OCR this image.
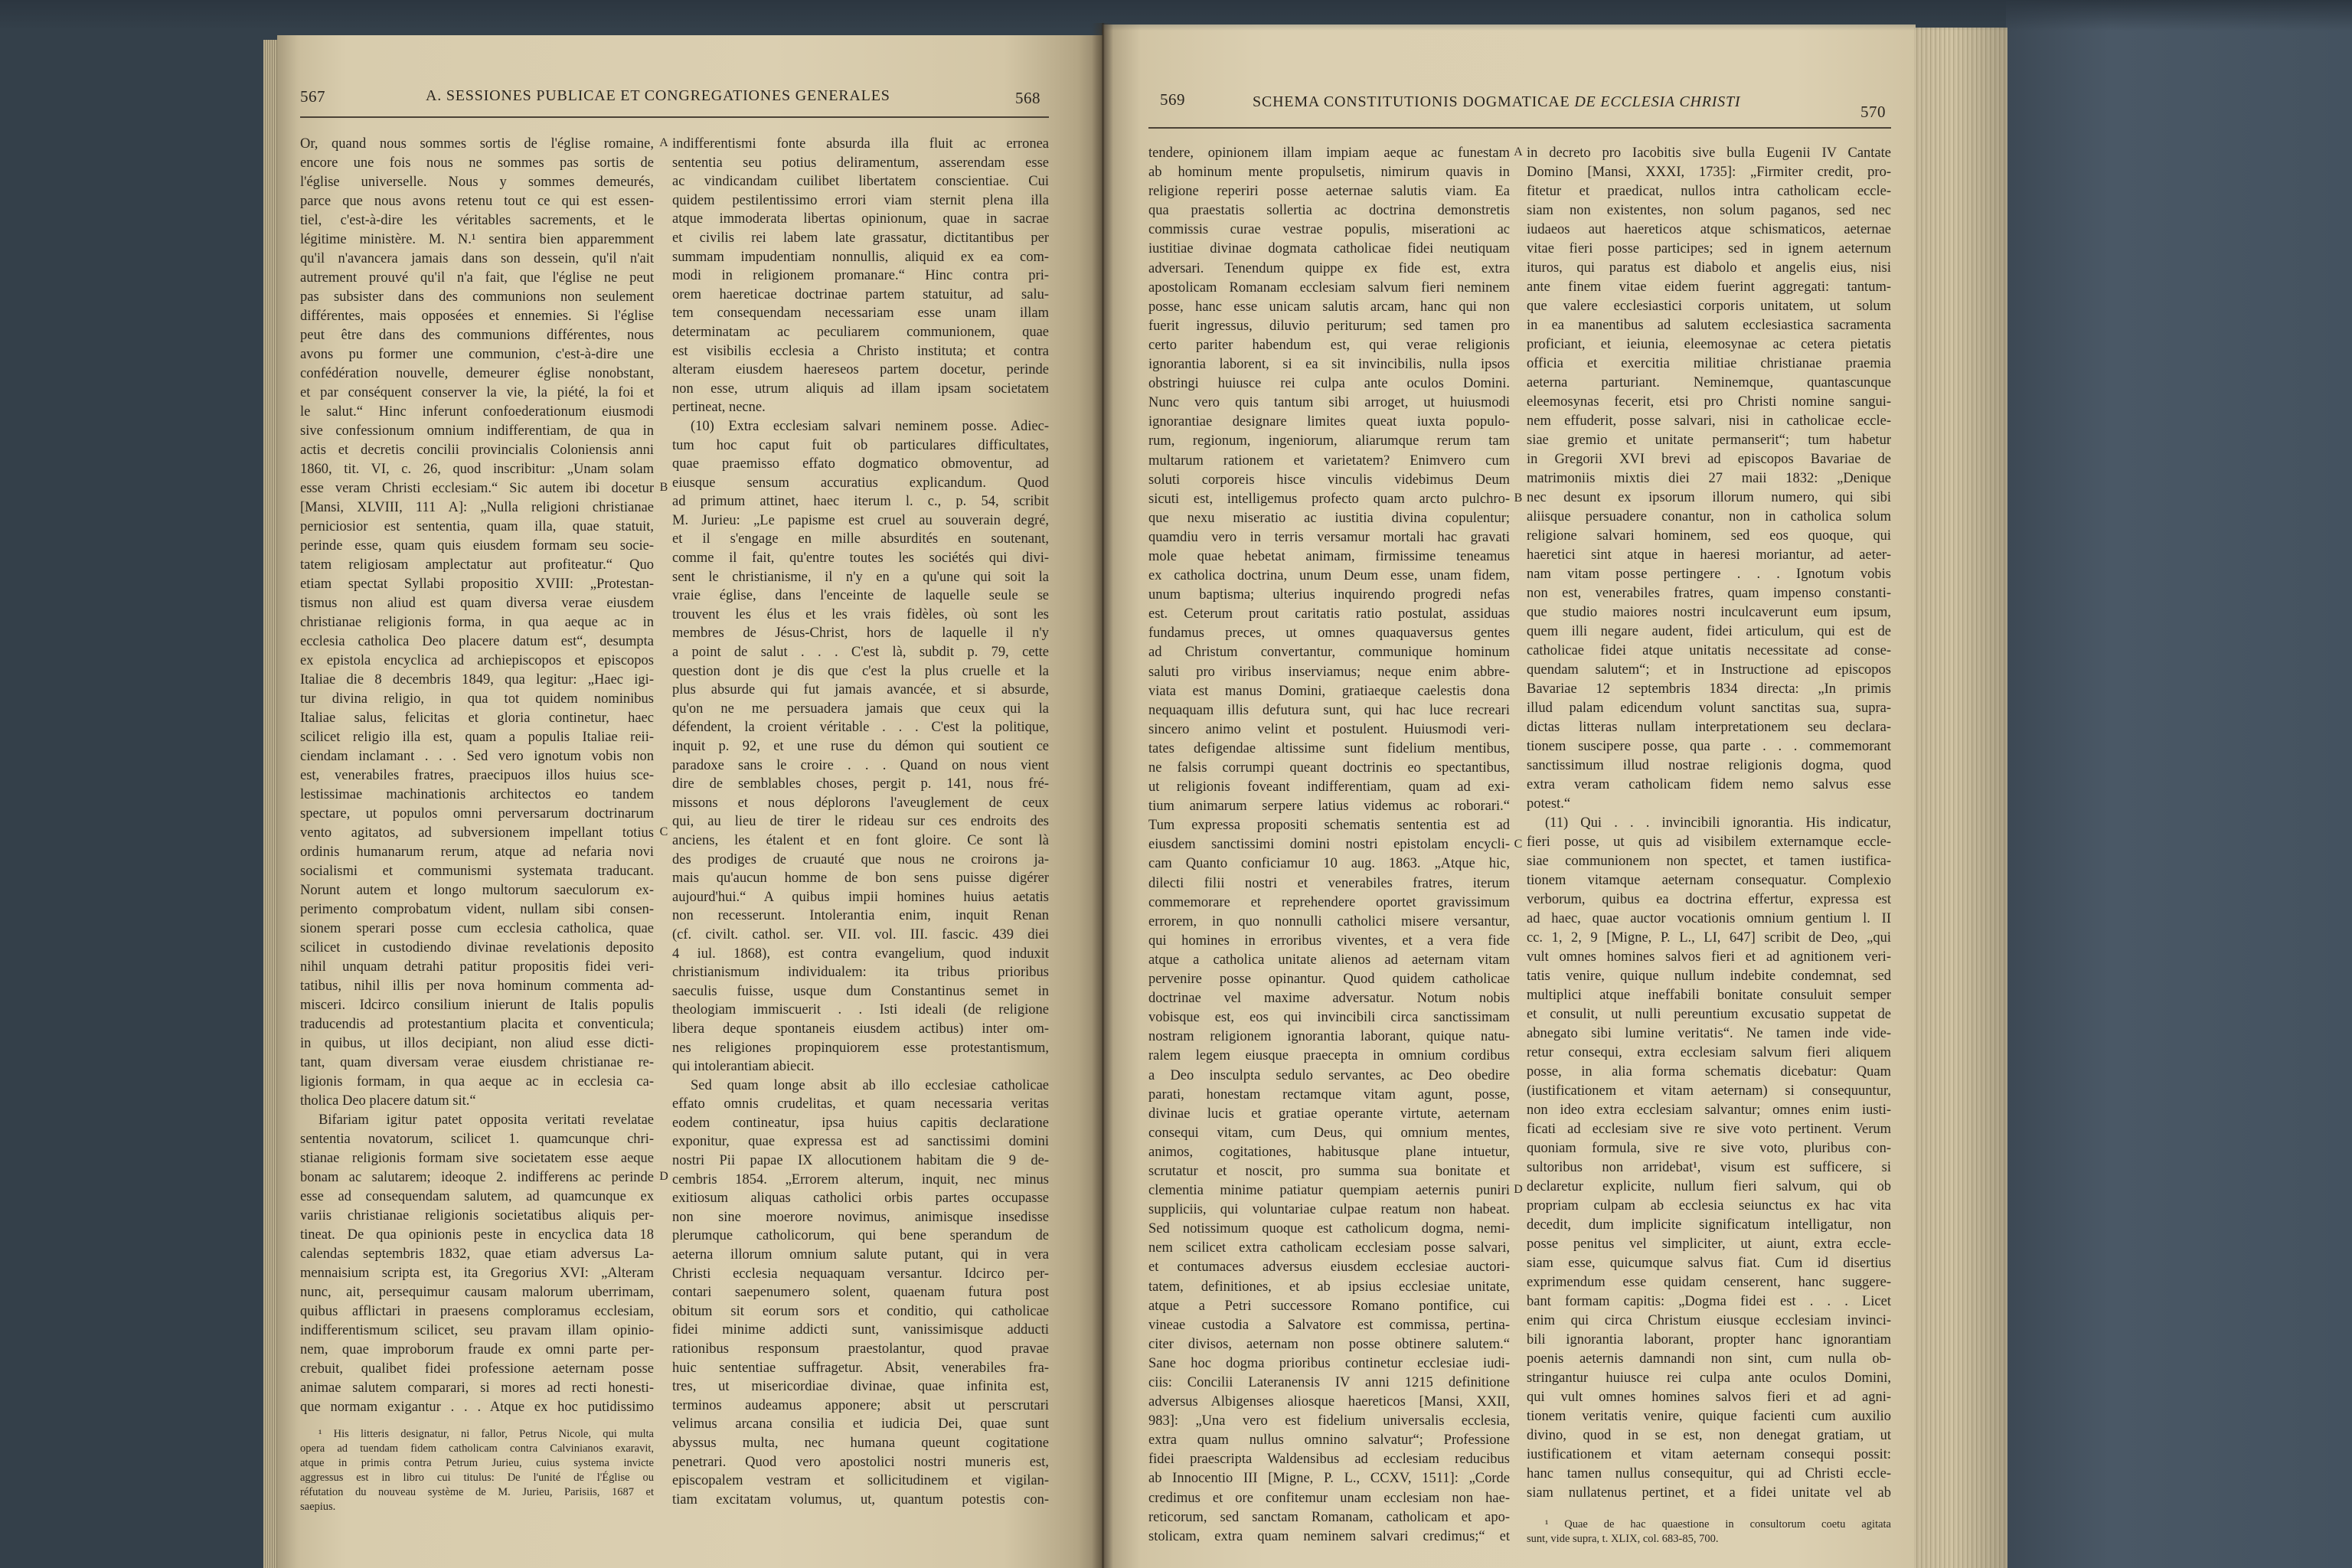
567	A. SESSIONES PUBLICAE ET CONGREGATIONES GENERALES	568
Or, quand nous sommes sortis de l'église romaine,
encore une fois nous ne sommes pas sortis de
l'église universelle. Nous y sommes demeurés,
parce que nous avons retenu tout ce qui est essen-
tiel, c'est-à-dire les véritables sacrements, et le
légitime ministère. M. N.¹ sentira bien apparemment
qu'il n'avancera jamais dans son dessein, qu'il n'ait
autrement prouvé qu'il n'a fait, que l'église ne peut
pas subsister dans des communions non seulement
différentes, mais opposées et ennemies. Si l'église
peut être dans des communions différentes, nous
avons pu former une communion, c'est-à-dire une
confédération nouvelle, demeurer église nonobstant,
et par conséquent conserver la vie, la piété, la foi et
le salut.“ Hinc inferunt confoederationum eiusmodi
sive confessionum omnium indifferentiam, de qua in
actis et decretis concilii provincialis Coloniensis anni
1860, tit. VI, c. 26, quod inscribitur: „Unam solam
esse veram Christi ecclesiam.“ Sic autem ibi docetur
[Mansi, XLVIII, 111 A]: „Nulla religioni christianae
perniciosior est sententia, quam illa, quae statuit,
perinde esse, quam quis eiusdem formam seu socie-
tatem religiosam amplectatur aut profiteatur.“ Quo
etiam spectat Syllabi propositio XVIII: „Protestan-
tismus non aliud est quam diversa verae eiusdem
christianae religionis forma, in qua aeque ac in
ecclesia catholica Deo placere datum est“, desumpta
ex epistola encyclica ad archiepiscopos et episcopos
Italiae die 8 decembris 1849, qua legitur: „Haec igi-
tur divina religio, in qua tot quidem nominibus
Italiae salus, felicitas et gloria continetur, haec
scilicet religio illa est, quam a populis Italiae reii-
ciendam inclamant . . . Sed vero ignotum vobis non
est, venerabiles fratres, praecipuos illos huius sce-
lestissimae machinationis architectos eo tandem
spectare, ut populos omni perversarum doctrinarum
vento agitatos, ad subversionem impellant totius
ordinis humanarum rerum, atque ad nefaria novi
socialismi et communismi systemata traducant.
Norunt autem et longo multorum saeculorum ex-
perimento comprobatum vident, nullam sibi consen-
sionem sperari posse cum ecclesia catholica, quae
scilicet in custodiendo divinae revelationis deposito
nihil unquam detrahi patitur propositis fidei veri-
tatibus, nihil illis per nova hominum commenta ad-
misceri. Idcirco consilium inierunt de Italis populis
traducendis ad protestantium placita et conventicula;
in quibus, ut illos decipiant, non aliud esse dicti-
tant, quam diversam verae eiusdem christianae re-
ligionis formam, in qua aeque ac in ecclesia ca-
tholica Deo placere datum sit.“
Bifariam igitur patet opposita veritati revelatae
sententia novatorum, scilicet 1. quamcunque chri-
stianae religionis formam sive societatem esse aeque
bonam ac salutarem; ideoque 2. indifferens ac perinde
esse ad consequendam salutem, ad quamcunque ex
variis christianae religionis societatibus aliquis per-
tineat. De qua opinionis peste in encyclica data 18
calendas septembris 1832, quae etiam adversus La-
mennaisium scripta est, ita Gregorius XVI: „Alteram
nunc, ait, persequimur causam malorum uberrimam,
quibus afflictari in praesens comploramus ecclesiam,
indifferentismum scilicet, seu pravam illam opinio-
nem, quae improborum fraude ex omni parte per-
crebuit, qualibet fidei professione aeternam posse
animae salutem comparari, si mores ad recti honesti-
que normam exigantur . . . Atque ex hoc putidissimo
¹ His litteris designatur, ni fallor, Petrus Nicole, qui multa
opera ad tuendam fidem catholicam contra Calvinianos exaravit,
atque in primis contra Petrum Jurieu, cuius systema invicte
aggressus est in libro cui titulus: De l'unité de l'Église ou
réfutation du nouveau système de M. Jurieu, Parisiis, 1687 et
saepius.
indifferentismi fonte absurda illa fluit ac erronea
sententia seu potius deliramentum, asserendam esse
ac vindicandam cuilibet libertatem conscientiae. Cui
quidem pestilentissimo errori viam sternit plena illa
atque immoderata libertas opinionum, quae in sacrae
et civilis rei labem late grassatur, dictitantibus per
summam impudentiam nonnullis, aliquid ex ea com-
modi in religionem promanare.“ Hinc contra pri-
orem haereticae doctrinae partem statuitur, ad salu-
tem consequendam necessariam esse unam illam
determinatam ac peculiarem communionem, quae
est visibilis ecclesia a Christo instituta; et contra
alteram eiusdem haereseos partem docetur, perinde
non esse, utrum aliquis ad illam ipsam societatem
pertineat, necne.
(10) Extra ecclesiam salvari neminem posse. Adiec-
tum hoc caput fuit ob particulares difficultates,
quae praemisso effato dogmatico obmoventur, ad
eiusque sensum accuratius explicandum. Quod
ad primum attinet, haec iterum l. c., p. 54, scribit
M. Jurieu: „Le papisme est cruel au souverain degré,
et il s'engage en mille absurdités en soutenant,
comme il fait, qu'entre toutes les sociétés qui divi-
sent le christianisme, il n'y en a qu'une qui soit la
vraie église, dans l'enceinte de laquelle seule se
trouvent les élus et les vrais fidèles, où sont les
membres de Jésus-Christ, hors de laquelle il n'y
a point de salut . . . C'est là, subdit p. 79, cette
question dont je dis que c'est la plus cruelle et la
plus absurde qui fut jamais avancée, et si absurde,
qu'on ne me persuadera jamais que ceux qui la
défendent, la croient véritable . . . C'est la politique,
inquit p. 92, et une ruse du démon qui soutient ce
paradoxe sans le croire . . . Quand on nous vient
dire de semblables choses, pergit p. 141, nous fré-
missons et nous déplorons l'aveuglement de ceux
qui, au lieu de tirer le rideau sur ces endroits des
anciens, les étalent et en font gloire. Ce sont là
des prodiges de cruauté que nous ne croirons ja-
mais qu'aucun homme de bon sens puisse digérer
aujourd'hui.“ A quibus impii homines huius aetatis
non recesserunt. Intolerantia enim, inquit Renan
(cf. civilt. cathol. ser. VII. vol. III. fascic. 439 diei
4 iul. 1868), est contra evangelium, quod induxit
christianismum individualem: ita tribus prioribus
saeculis fuisse, usque dum Constantinus semet in
theologiam immiscuerit . . Isti ideali (de religione
libera deque spontaneis eiusdem actibus) inter om-
nes religiones propinquiorem esse protestantismum,
qui intolerantiam abiecit.
Sed quam longe absit ab illo ecclesiae catholicae
effato omnis crudelitas, et quam necessaria veritas
eodem contineatur, ipsa huius capitis declaratione
exponitur, quae expressa est ad sanctissimi domini
nostri Pii papae IX allocutionem habitam die 9 de-
cembris 1854. „Errorem alterum, inquit, nec minus
exitiosum aliquas catholici orbis partes occupasse
non sine moerore novimus, animisque insedisse
plerumque catholicorum, qui bene sperandum de
aeterna illorum omnium salute putant, qui in vera
Christi ecclesia nequaquam versantur. Idcirco per-
contari saepenumero solent, quaenam futura post
obitum sit eorum sors et conditio, qui catholicae
fidei minime addicti sunt, vanissimisque adducti
rationibus responsum praestolantur, quod pravae
huic sententiae suffragetur. Absit, venerabiles fra-
tres, ut misericordiae divinae, quae infinita est,
terminos audeamus apponere; absit ut perscrutari
velimus arcana consilia et iudicia Dei, quae sunt
abyssus multa, nec humana queunt cogitatione
penetrari. Quod vero apostolici nostri muneris est,
episcopalem vestram et sollicitudinem et vigilan-
tiam excitatam volumus, ut, quantum potestis con-
A
B
C
D
569	SCHEMA CONSTITUTIONIS DOGMATICAE DE ECCLESIA CHRISTI
570
tendere, opinionem illam impiam aeque ac funestam
ab hominum mente propulsetis, nimirum quavis in
religione reperiri posse aeternae salutis viam. Ea
qua praestatis sollertia ac doctrina demonstretis
commissis curae vestrae populis, miserationi ac
iustitiae divinae dogmata catholicae fidei neutiquam
adversari. Tenendum quippe ex fide est, extra
apostolicam Romanam ecclesiam salvum fieri neminem
posse, hanc esse unicam salutis arcam, hanc qui non
fuerit ingressus, diluvio periturum; sed tamen pro
certo pariter habendum est, qui verae religionis
ignorantia laborent, si ea sit invincibilis, nulla ipsos
obstringi huiusce rei culpa ante oculos Domini.
Nunc vero quis tantum sibi arroget, ut huiusmodi
ignorantiae designare limites queat iuxta populo-
rum, regionum, ingeniorum, aliarumque rerum tam
multarum rationem et varietatem? Enimvero cum
soluti corporeis hisce vinculis videbimus Deum
sicuti est, intelligemus profecto quam arcto pulchro-
que nexu miseratio ac iustitia divina copulentur;
quamdiu vero in terris versamur mortali hac gravati
mole quae hebetat animam, firmissime teneamus
ex catholica doctrina, unum Deum esse, unam fidem,
unum baptisma; ulterius inquirendo progredi nefas
est. Ceterum prout caritatis ratio postulat, assiduas
fundamus preces, ut omnes quaquaversus gentes
ad Christum convertantur, communique hominum
saluti pro viribus inserviamus; neque enim abbre-
viata est manus Domini, gratiaeque caelestis dona
nequaquam illis defutura sunt, qui hac luce recreari
sincero animo velint et postulent. Huiusmodi veri-
tates defigendae altissime sunt fidelium mentibus,
ne falsis corrumpi queant doctrinis eo spectantibus,
ut religionis foveant indifferentiam, quam ad exi-
tium animarum serpere latius videmus ac roborari.“
Tum expressa propositi schematis sententia est ad
eiusdem sanctissimi domini nostri epistolam encycli-
cam Quanto conficiamur 10 aug. 1863. „Atque hic,
dilecti filii nostri et venerabiles fratres, iterum
commemorare et reprehendere oportet gravissimum
errorem, in quo nonnulli catholici misere versantur,
qui homines in erroribus viventes, et a vera fide
atque a catholica unitate alienos ad aeternam vitam
pervenire posse opinantur. Quod quidem catholicae
doctrinae vel maxime adversatur. Notum nobis
vobisque est, eos qui invincibili circa sanctissimam
nostram religionem ignorantia laborant, quique natu-
ralem legem eiusque praecepta in omnium cordibus
a Deo insculpta sedulo servantes, ac Deo obedire
parati, honestam rectamque vitam agunt, posse,
divinae lucis et gratiae operante virtute, aeternam
consequi vitam, cum Deus, qui omnium mentes,
animos, cogitationes, habitusque plane intuetur,
scrutatur et noscit, pro summa sua bonitate et
clementia minime patiatur quempiam aeternis puniri
suppliciis, qui voluntariae culpae reatum non habeat.
Sed notissimum quoque est catholicum dogma, nemi-
nem scilicet extra catholicam ecclesiam posse salvari,
et contumaces adversus eiusdem ecclesiae auctori-
tatem, definitiones, et ab ipsius ecclesiae unitate,
atque a Petri successore Romano pontifice, cui
vineae custodia a Salvatore est commissa, pertina-
citer divisos, aeternam non posse obtinere salutem.“
Sane hoc dogma prioribus continetur ecclesiae iudi-
ciis: Concilii Lateranensis IV anni 1215 definitione
adversus Albigenses aliosque haereticos [Mansi, XXII,
983]: „Una vero est fidelium universalis ecclesia,
extra quam nullus omnino salvatur“; Professione
fidei praescripta Waldensibus ad ecclesiam reducibus
ab Innocentio III [Migne, P. L., CCXV, 1511]: „Corde
credimus et ore confitemur unam ecclesiam non hae-
reticorum, sed sanctam Romanam, catholicam et apo-
stolicam, extra quam neminem salvari credimus;“ et
in decreto pro Iacobitis sive bulla Eugenii IV Cantate
Domino [Mansi, XXXI, 1735]: „Firmiter credit, pro-
fitetur et praedicat, nullos intra catholicam eccle-
siam non existentes, non solum paganos, sed nec
iudaeos aut haereticos atque schismaticos, aeternae
vitae fieri posse participes; sed in ignem aeternum
ituros, qui paratus est diabolo et angelis eius, nisi
ante finem vitae eidem fuerint aggregati: tantum-
que valere ecclesiastici corporis unitatem, ut solum
in ea manentibus ad salutem ecclesiastica sacramenta
proficiant, et ieiunia, eleemosynae ac cetera pietatis
officia et exercitia militiae christianae praemia
aeterna parturiant. Neminemque, quantascunque
eleemosynas fecerit, etsi pro Christi nomine sangui-
nem effuderit, posse salvari, nisi in catholicae eccle-
siae gremio et unitate permanserit“; tum habetur
in Gregorii XVI brevi ad episcopos Bavariae de
matrimoniis mixtis diei 27 maii 1832: „Denique
nec desunt ex ipsorum illorum numero, qui sibi
aliisque persuadere conantur, non in catholica solum
religione salvari hominem, sed eos quoque, qui
haeretici sint atque in haeresi moriantur, ad aeter-
nam vitam posse pertingere . . . Ignotum vobis
non est, venerabiles fratres, quam impenso constanti-
que studio maiores nostri inculcaverunt eum ipsum,
quem illi negare audent, fidei articulum, qui est de
catholicae fidei atque unitatis necessitate ad conse-
quendam salutem“; et in Instructione ad episcopos
Bavariae 12 septembris 1834 directa: „In primis
illud palam edicendum volunt sanctitas sua, supra-
dictas litteras nullam interpretationem seu declara-
tionem suscipere posse, qua parte . . . commemorant
sanctissimum illud nostrae religionis dogma, quod
extra veram catholicam fidem nemo salvus esse
potest.“
(11) Qui . . . invincibili ignorantia. His indicatur,
fieri posse, ut quis ad visibilem externamque eccle-
siae communionem non spectet, et tamen iustifica-
tionem vitamque aeternam consequatur. Complexio
verborum, quibus ea doctrina effertur, expressa est
ad haec, quae auctor vocationis omnium gentium l. II
cc. 1, 2, 9 [Migne, P. L., LI, 647] scribit de Deo, „qui
vult omnes homines salvos fieri et ad agnitionem veri-
tatis venire, quique nullum indebite condemnat, sed
multiplici atque ineffabili bonitate consuluit semper
et consulit, ut nulli pereuntium excusatio suppetat de
abnegato sibi lumine veritatis“. Ne tamen inde vide-
retur consequi, extra ecclesiam salvum fieri aliquem
posse, in alia forma schematis dicebatur: Quam
(iustificationem et vitam aeternam) si consequuntur,
non ideo extra ecclesiam salvantur; omnes enim iusti-
ficati ad ecclesiam sive re sive voto pertinent. Verum
quoniam formula, sive re sive voto, pluribus con-
sultoribus non arridebat¹, visum est sufficere, si
declaretur explicite, nullum fieri salvum, qui ob
propriam culpam ab ecclesia seiunctus ex hac vita
decedit, dum implicite significatum intelligatur, non
posse penitus vel simpliciter, ut aiunt, extra eccle-
siam esse, quicumque salvus fiat. Cum id disertius
exprimendum esse quidam censerent, hanc suggere-
bant formam capitis: „Dogma fidei est . . . Licet
enim qui circa Christum eiusque ecclesiam invinci-
bili ignorantia laborant, propter hanc ignorantiam
poenis aeternis damnandi non sint, cum nulla ob-
stringantur huiusce rei culpa ante oculos Domini,
qui vult omnes homines salvos fieri et ad agni-
tionem veritatis venire, quique facienti cum auxilio
divino, quod in se est, non denegat gratiam, ut
iustificationem et vitam aeternam consequi possit:
hanc tamen nullus consequitur, qui ad Christi eccle-
siam nullatenus pertinet, et a fidei unitate vel ab
¹ Quae de hac quaestione in consultorum coetu agitata
sunt, vide supra, t. XLIX, col. 683-85, 700.
A
B
C
D
